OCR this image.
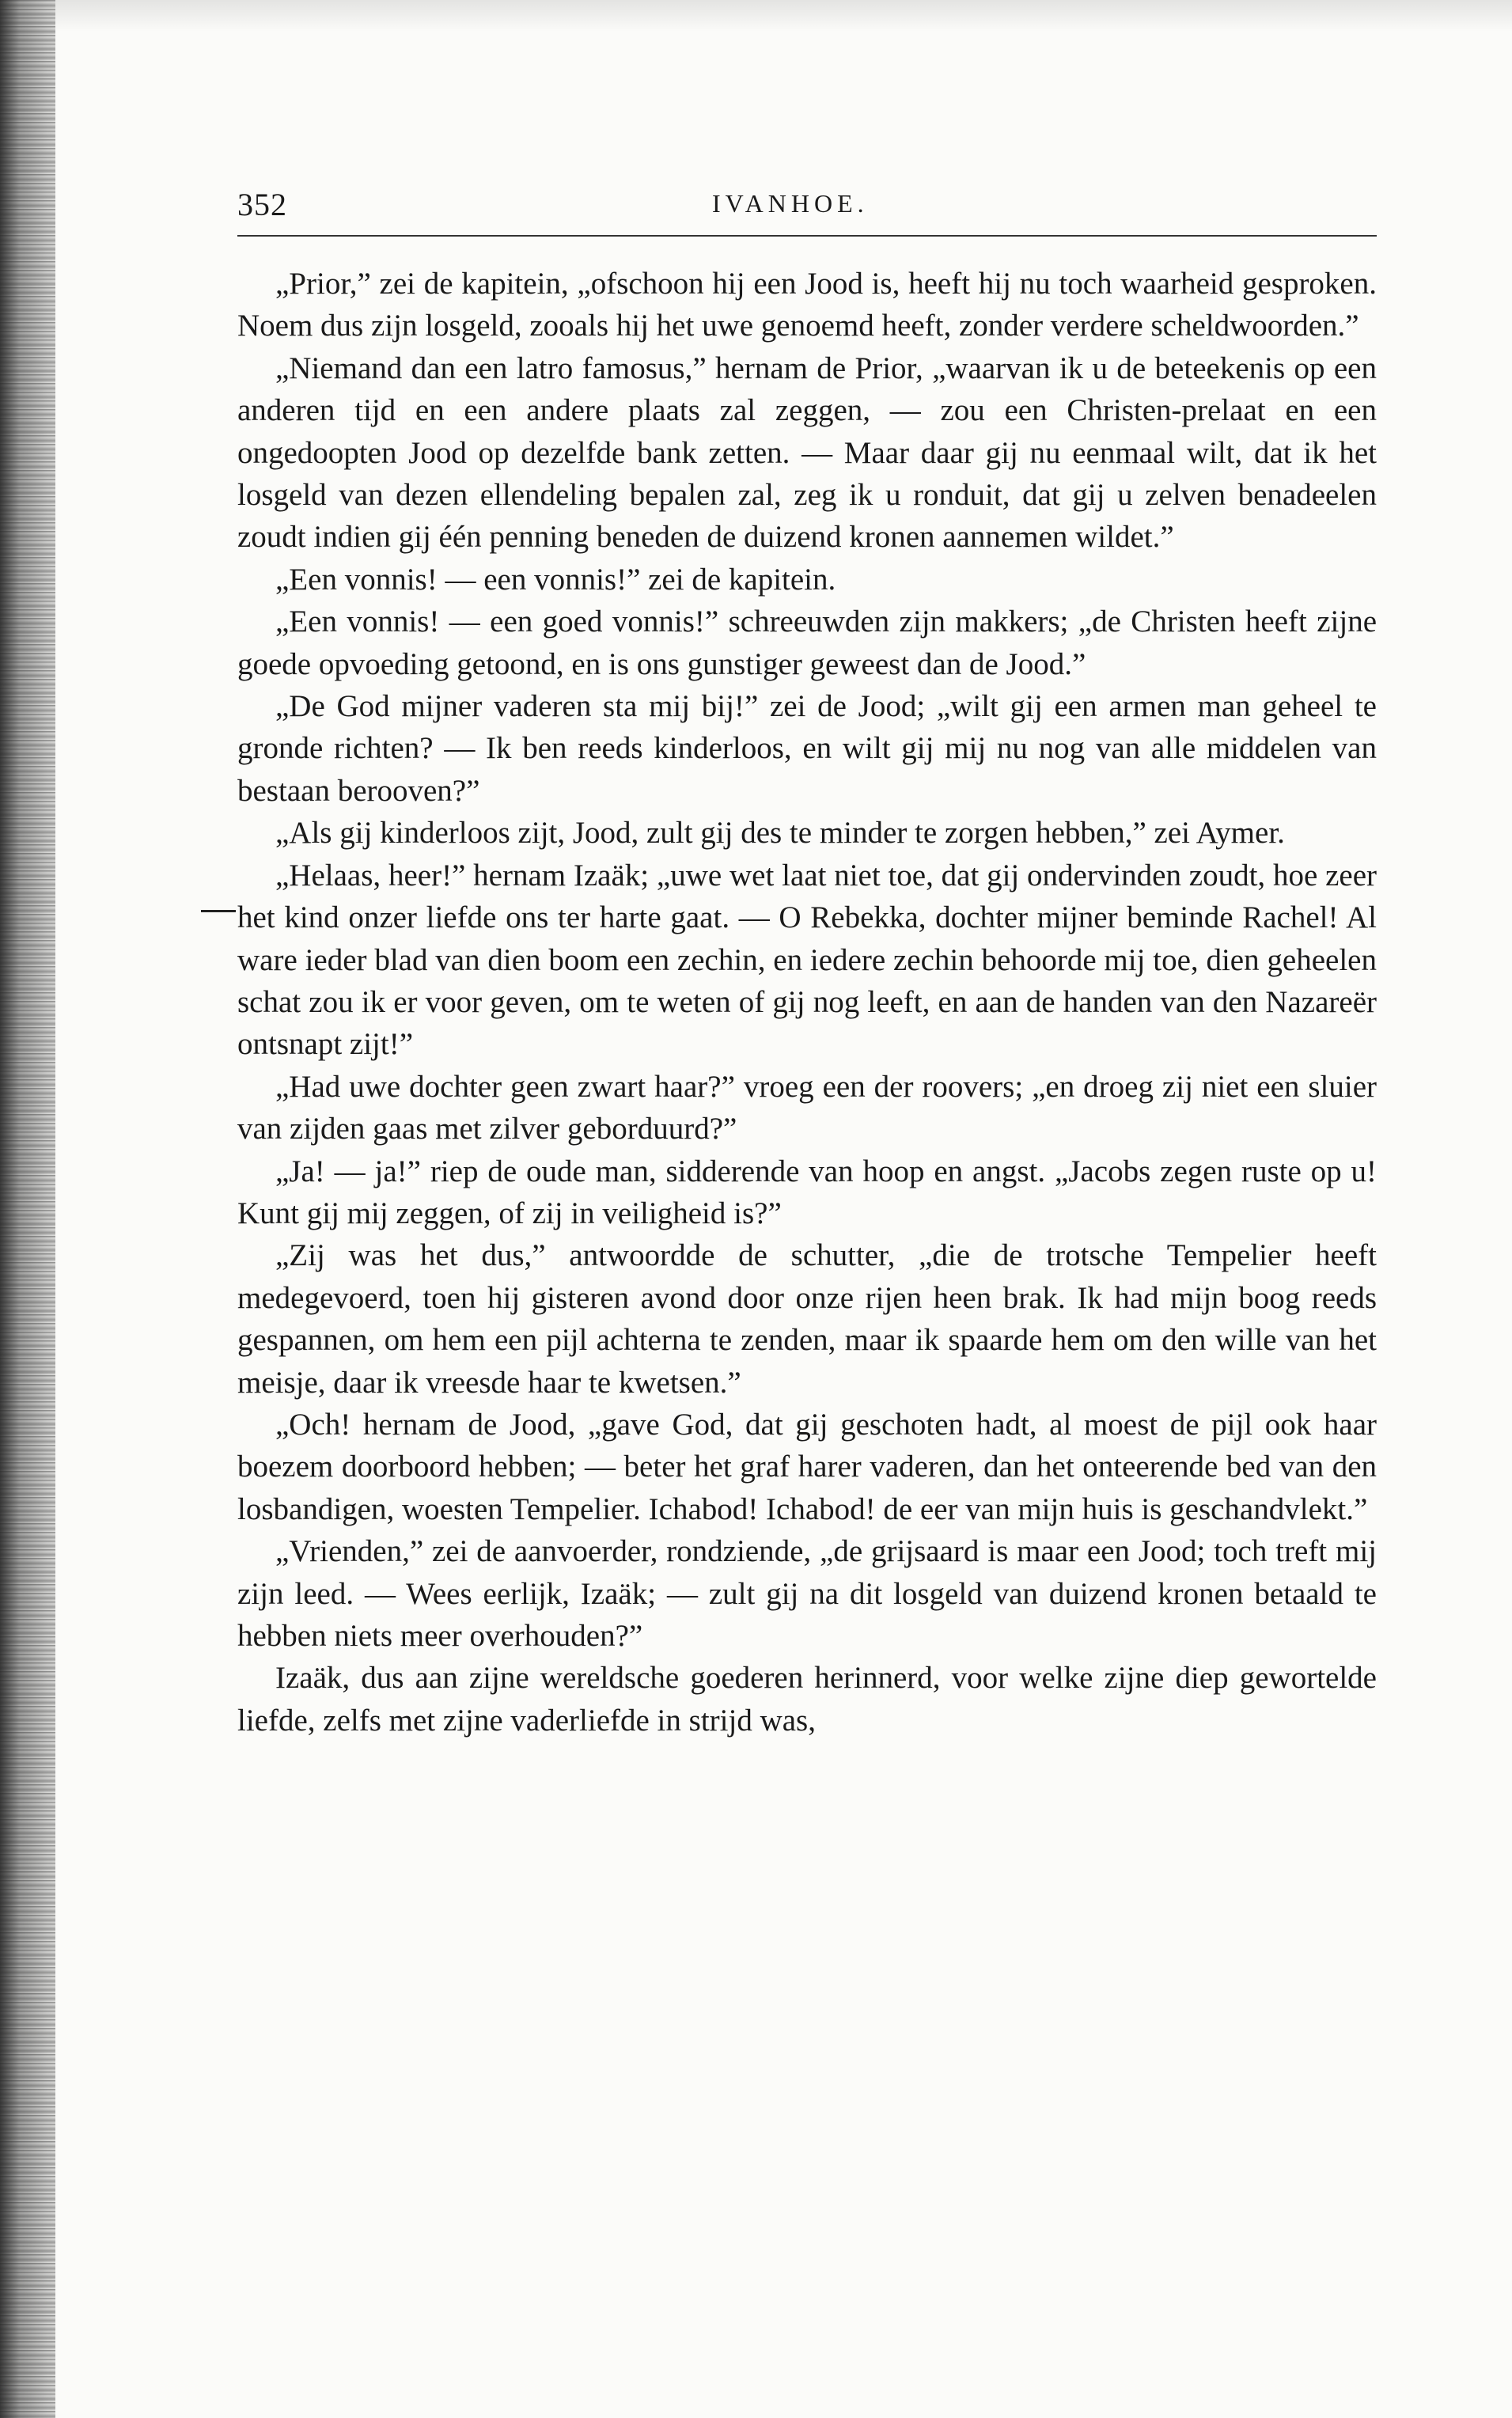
352	IVANHOE.

„Prior,” zei de kapitein, „ofschoon hij een Jood is, heeft hij nu toch waarheid gesproken. Noem dus zijn losgeld, zooals hij het uwe genoemd heeft, zonder verdere scheldwoorden.”

„Niemand dan een latro famosus,” hernam de Prior, „waarvan ik u de beteekenis op een anderen tijd en een andere plaats zal zeggen, — zou een Christen-prelaat en een ongedoopten Jood op dezelfde bank zetten. — Maar daar gij nu eenmaal wilt, dat ik het losgeld van dezen ellendeling bepalen zal, zeg ik u ronduit, dat gij u zelven benadeelen zoudt indien gij één penning beneden de duizend kronen aannemen wildet.”

„Een vonnis! — een vonnis!” zei de kapitein.

„Een vonnis! — een goed vonnis!” schreeuwden zijn makkers; „de Christen heeft zijne goede opvoeding getoond, en is ons gunstiger geweest dan de Jood.”

„De God mijner vaderen sta mij bij!” zei de Jood; „wilt gij een armen man geheel te gronde richten? — Ik ben reeds kinderloos, en wilt gij mij nu nog van alle middelen van bestaan berooven?”

„Als gij kinderloos zijt, Jood, zult gij des te minder te zorgen hebben,” zei Aymer.

„Helaas, heer!” hernam Izaäk; „uwe wet laat niet toe, dat gij ondervinden zoudt, hoe zeer het kind onzer liefde ons ter harte gaat. — O Rebekka, dochter mijner beminde Rachel! Al ware ieder blad van dien boom een zechin, en iedere zechin behoorde mij toe, dien geheelen schat zou ik er voor geven, om te weten of gij nog leeft, en aan de handen van den Nazareër ontsnapt zijt!”

„Had uwe dochter geen zwart haar?” vroeg een der roovers; „en droeg zij niet een sluier van zijden gaas met zilver geborduurd?”

„Ja! — ja!” riep de oude man, sidderende van hoop en angst. „Jacobs zegen ruste op u! Kunt gij mij zeggen, of zij in veiligheid is?”

„Zij was het dus,” antwoordde de schutter, „die de trotsche Tempelier heeft medegevoerd, toen hij gisteren avond door onze rijen heen brak. Ik had mijn boog reeds gespannen, om hem een pijl achterna te zenden, maar ik spaarde hem om den wille van het meisje, daar ik vreesde haar te kwetsen.”

„Och! hernam de Jood, „gave God, dat gij geschoten hadt, al moest de pijl ook haar boezem doorboord hebben; — beter het graf harer vaderen, dan het onteerende bed van den losbandigen, woesten Tempelier. Ichabod! Ichabod! de eer van mijn huis is geschandvlekt.”

„Vrienden,” zei de aanvoerder, rondziende, „de grijsaard is maar een Jood; toch treft mij zijn leed. — Wees eerlijk, Izaäk; — zult gij na dit losgeld van duizend kronen betaald te hebben niets meer overhouden?”

Izaäk, dus aan zijne wereldsche goederen herinnerd, voor welke zijne diep gewortelde liefde, zelfs met zijne vaderliefde in strijd was,
